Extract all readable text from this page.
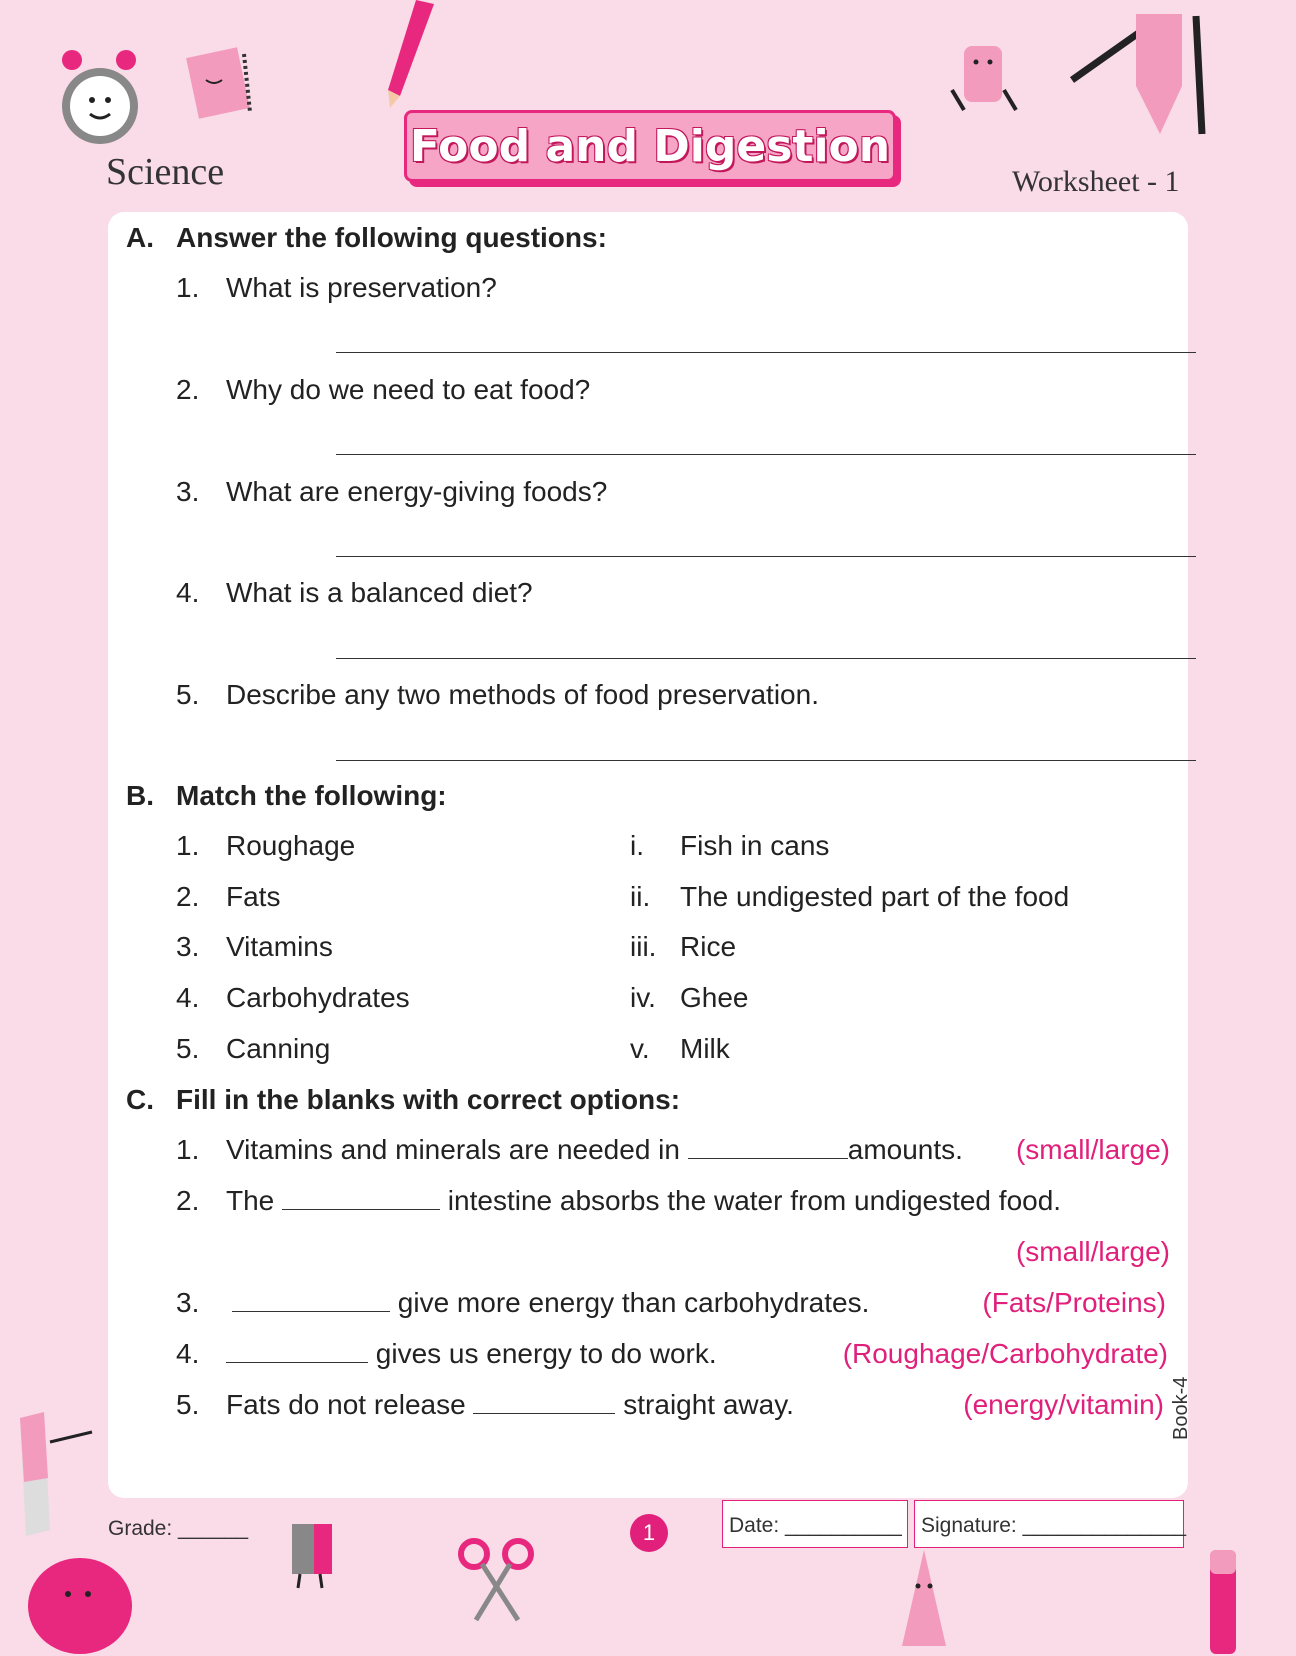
Science
Food and Digestion
Worksheet - 1
A. Answer the following questions:
1. What is preservation?
2. Why do we need to eat food?
3. What are energy-giving foods?
4. What is a balanced diet?
5. Describe any two methods of food preservation.
B. Match the following:
1. Roughage	i. Fish in cans
2. Fats	ii. The undigested part of the food
3. Vitamins	iii. Rice
4. Carbohydrates	iv. Ghee
5. Canning	v. Milk
C. Fill in the blanks with correct options:
1. Vitamins and minerals are needed in	amounts. (small/large)
2. The	intestine absorbs the water from undigested food.
(small/large)
3.	give more energy than carbohydrates.	(Fats/Proteins)
4.	gives us energy to do work.	(Roughage/Carbohydrate)
5. Fats do not release	straight away.	(energy/vitamin) Book-4
Grade: ______	1	Date: __________ Signature: ______________
